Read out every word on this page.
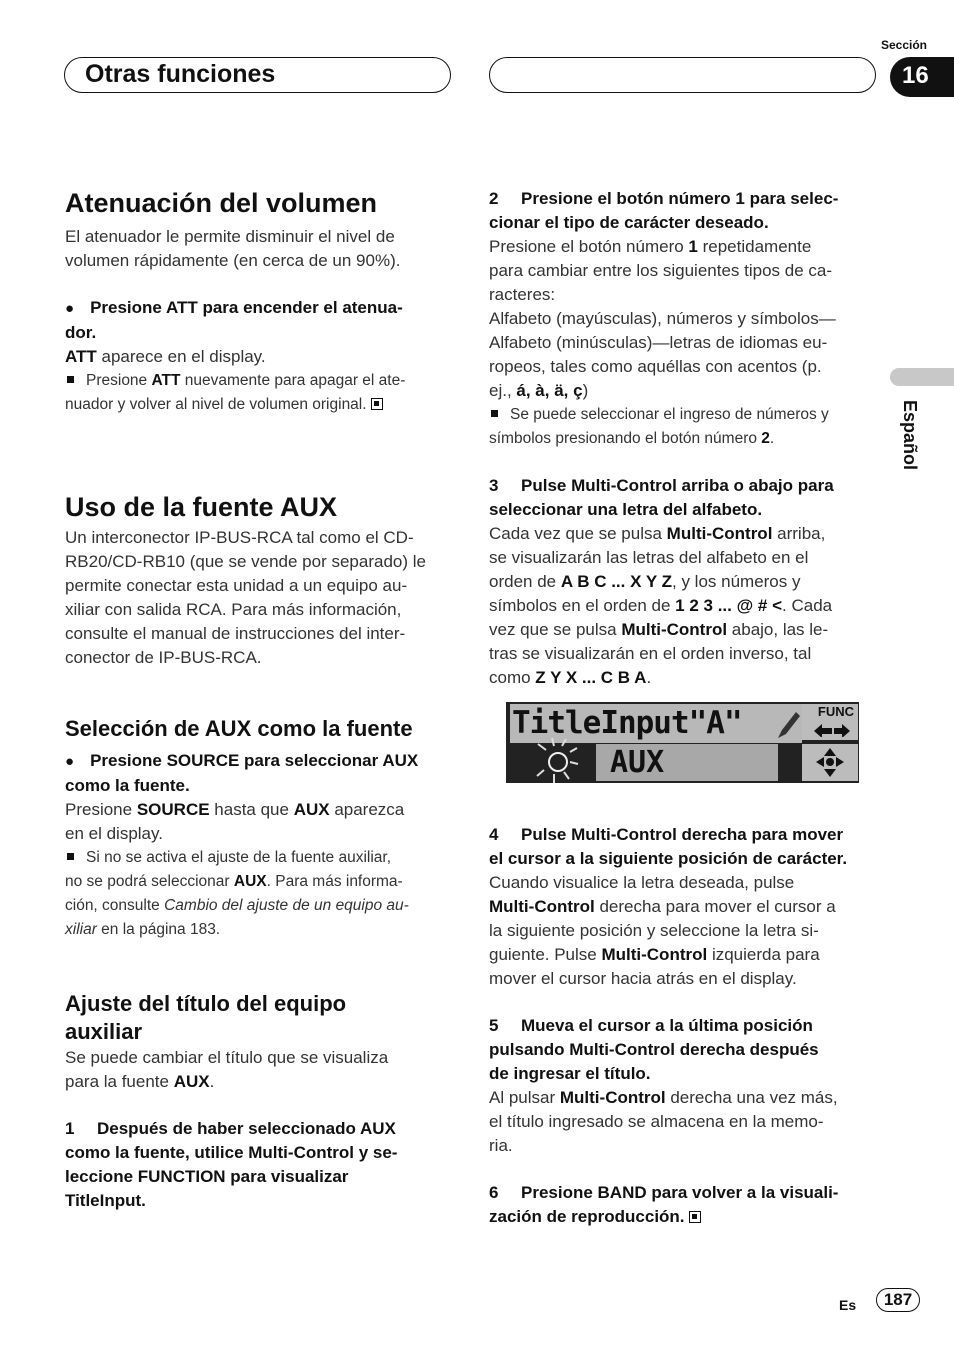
Otras funciones
Sección
16
Español
Atenuación del volumen

El atenuador le permite disminuir el nivel de

volumen rápidamente (en cerca de un 90%).

● Presione ATT para encender el atenua-

dor.

ATT aparece en el display.

Presione ATT nuevamente para apagar el ate-

nuador y volver al nivel de volumen original.

Uso de la fuente AUX

Un interconector IP-BUS-RCA tal como el CD-

RB20/CD-RB10 (que se vende por separado) le

permite conectar esta unidad a un equipo au-

xiliar con salida RCA. Para más información,

consulte el manual de instrucciones del inter-

conector de IP-BUS-RCA.

Selección de AUX como la fuente

● Presione SOURCE para seleccionar AUX

como la fuente.

Presione SOURCE hasta que AUX aparezca

en el display.

Si no se activa el ajuste de la fuente auxiliar,

no se podrá seleccionar AUX. Para más informa-

ción, consulte Cambio del ajuste de un equipo au-

xiliar en la página 183.

Ajuste del título del equipo
auxiliar

Se puede cambiar el título que se visualiza

para la fuente AUX.

1 Después de haber seleccionado AUX

como la fuente, utilice Multi-Control y se-

leccione FUNCTION para visualizar

TitleInput.

2 Presione el botón número 1 para selec-

cionar el tipo de carácter deseado.

Presione el botón número 1 repetidamente

para cambiar entre los siguientes tipos de ca-

racteres:

Alfabeto (mayúsculas), números y símbolos—

Alfabeto (minúsculas)—letras de idiomas eu-

ropeos, tales como aquéllas con acentos (p.

ej., á, à, ä, ç)

Se puede seleccionar el ingreso de números y

símbolos presionando el botón número 2.

3 Pulse Multi-Control arriba o abajo para

seleccionar una letra del alfabeto.

Cada vez que se pulsa Multi-Control arriba,

se visualizarán las letras del alfabeto en el

orden de A B C ... X Y Z, y los números y

símbolos en el orden de 1 2 3 ... @ # <. Cada

vez que se pulsa Multi-Control abajo, las le-

tras se visualizarán en el orden inverso, tal

como Z Y X ... C B A.

TitleInput"A"	FUNC
AUX

4 Pulse Multi-Control derecha para mover

el cursor a la siguiente posición de carácter.

Cuando visualice la letra deseada, pulse

Multi-Control derecha para mover el cursor a

la siguiente posición y seleccione la letra si-

guiente. Pulse Multi-Control izquierda para

mover el cursor hacia atrás en el display.

5 Mueva el cursor a la última posición

pulsando Multi-Control derecha después

de ingresar el título.

Al pulsar Multi-Control derecha una vez más,

el título ingresado se almacena en la memo-

ria.

6 Presione BAND para volver a la visuali-

zación de reproducción.

Es	187
